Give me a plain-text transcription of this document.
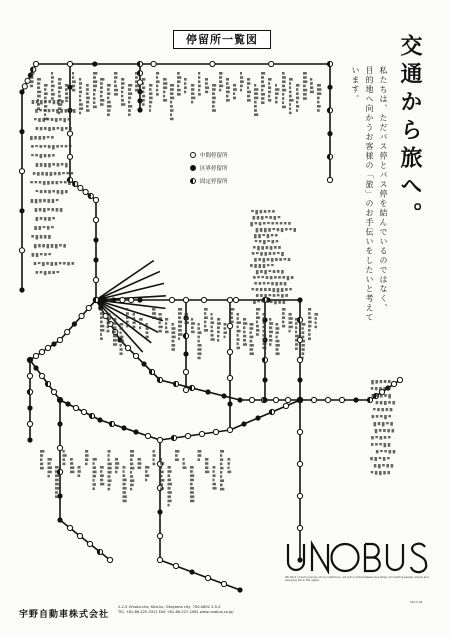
停留所一覧図
中間停留所
区界停留所
固定停留所	交通から旅へ。
私たちは、ただバス停とバス停を結んでいるのではなく、
目的地へ向かうお客様の「旅」のお手伝いをしたいと考えています。
We think of each journey of our customers, not just a route between bus stops. Connecting people, places and everyday life in the region.
宇野自動車株式会社
2-2-5 Omoto-cho, Kita-ku, Okayama city, 700-0802 2-5-5
TEL +81-86-225-3311 FAX +81-86-227-2081 www.unobus.co.jp/
2017.04
